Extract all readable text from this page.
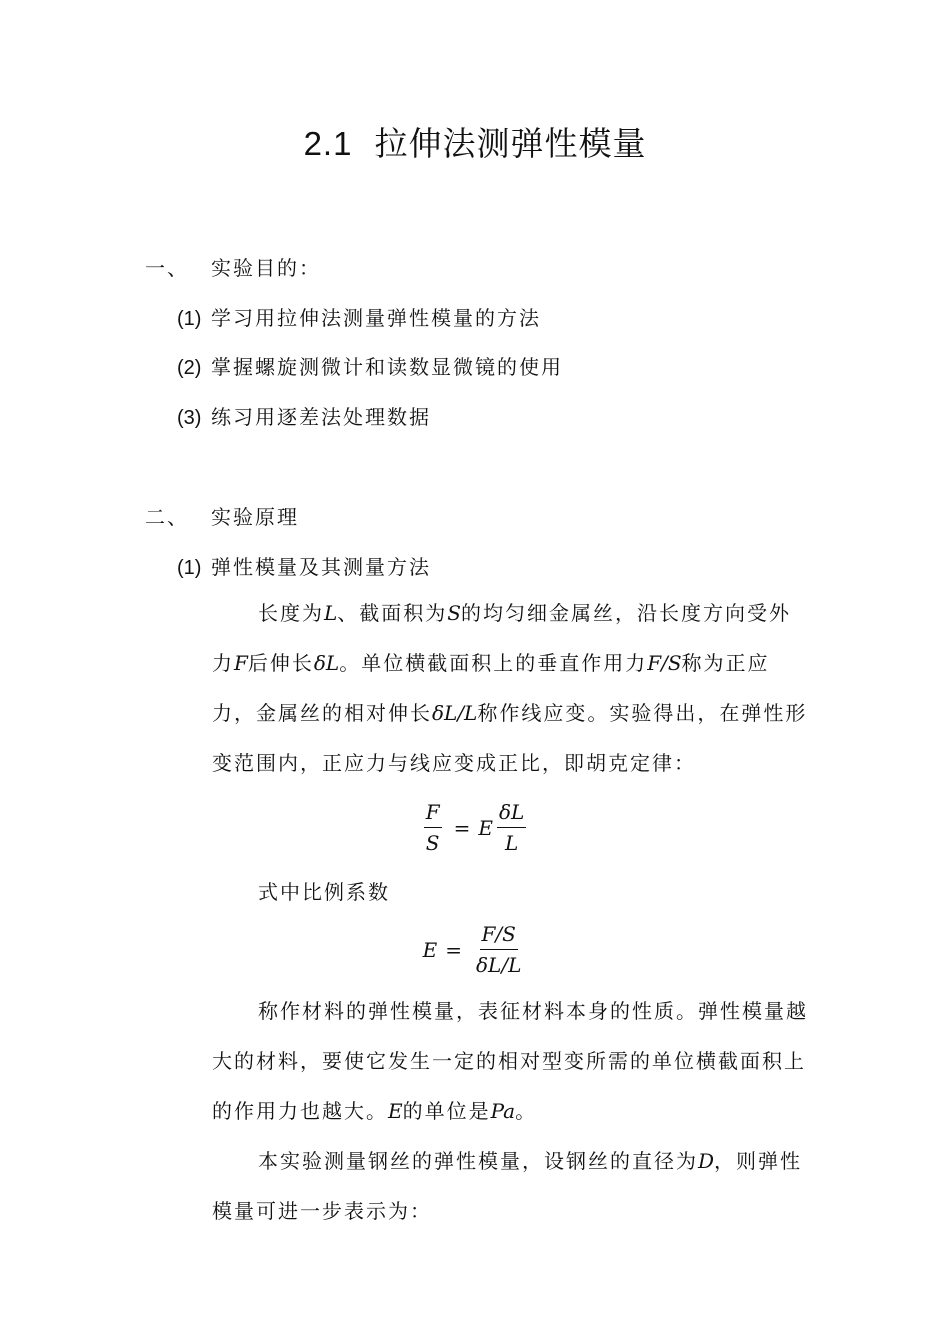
2.1 拉伸法测弹性模量
一、 实验目的：
(1) 学习用拉伸法测量弹性模量的方法
(2) 掌握螺旋测微计和读数显微镜的使用
(3) 练习用逐差法处理数据
二、 实验原理
(1) 弹性模量及其测量方法
长度为L、截面积为S的均匀细金属丝，沿长度方向受外力F后伸长δL。单位横截面积上的垂直作用力F/S称为正应力，金属丝的相对伸长δL/L称作线应变。实验得出，在弹性形变范围内，正应力与线应变成正比，即胡克定律：
$\frac{F}{S} = E \frac{\delta L}{L}$
式中比例系数
$E = \frac{F/S}{\delta L/L}$
称作材料的弹性模量，表征材料本身的性质。弹性模量越大的材料，要使它发生一定的相对型变所需的单位横截面积上的作用力也越大。E的单位是Pa。
本实验测量钢丝的弹性模量，设钢丝的直径为D，则弹性模量可进一步表示为：
